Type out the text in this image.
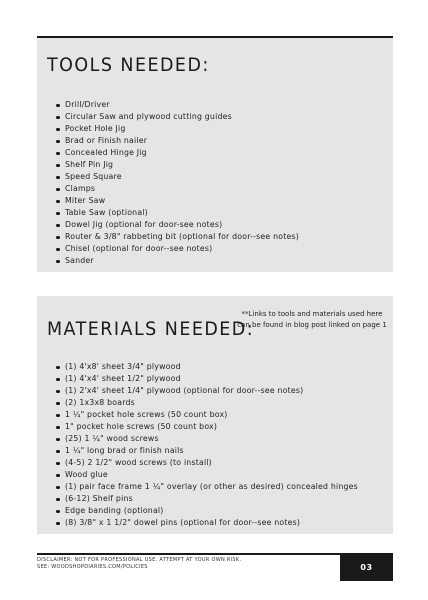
TOOLS NEEDED:
Drill/Driver
Circular Saw and plywood cutting guides
Pocket Hole Jig
Brad or Finish nailer
Concealed Hinge Jig
Shelf Pin Jig
Speed Square
Clamps
Miter Saw
Table Saw (optional)
Dowel Jig (optional for door-see notes)
Router & 3/8" rabbeting bit (optional for door--see notes)
Chisel (optional for door--see notes)
Sander
MATERIALS NEEDED:
**Links to tools and materials used here can be found in blog post linked on page 1
(1) 4'x8' sheet 3/4" plywood
(1) 4'x4' sheet 1/2" plywood
(1) 2'x4' sheet 1/4" plywood (optional for door--see notes)
(2) 1x3x8 boards
1 ¼" pocket hole screws (50 count box)
1" pocket hole screws (50 count box)
(25) 1 ¼" wood screws
1 ¼" long brad or finish nails
(4-5) 2 1/2" wood screws (to install)
Wood glue
(1) pair face frame 1 ¼" overlay (or other as desired) concealed hinges
(6-12) Shelf pins
Edge banding (optional)
(8) 3/8" x 1 1/2" dowel pins (optional for door--see notes)
DISCLAIMER: NOT FOR PROFESSIONAL USE. ATTEMPT AT YOUR OWN RISK.
SEE: WOODSHOPDIARIES.COM/POLICIES	03
